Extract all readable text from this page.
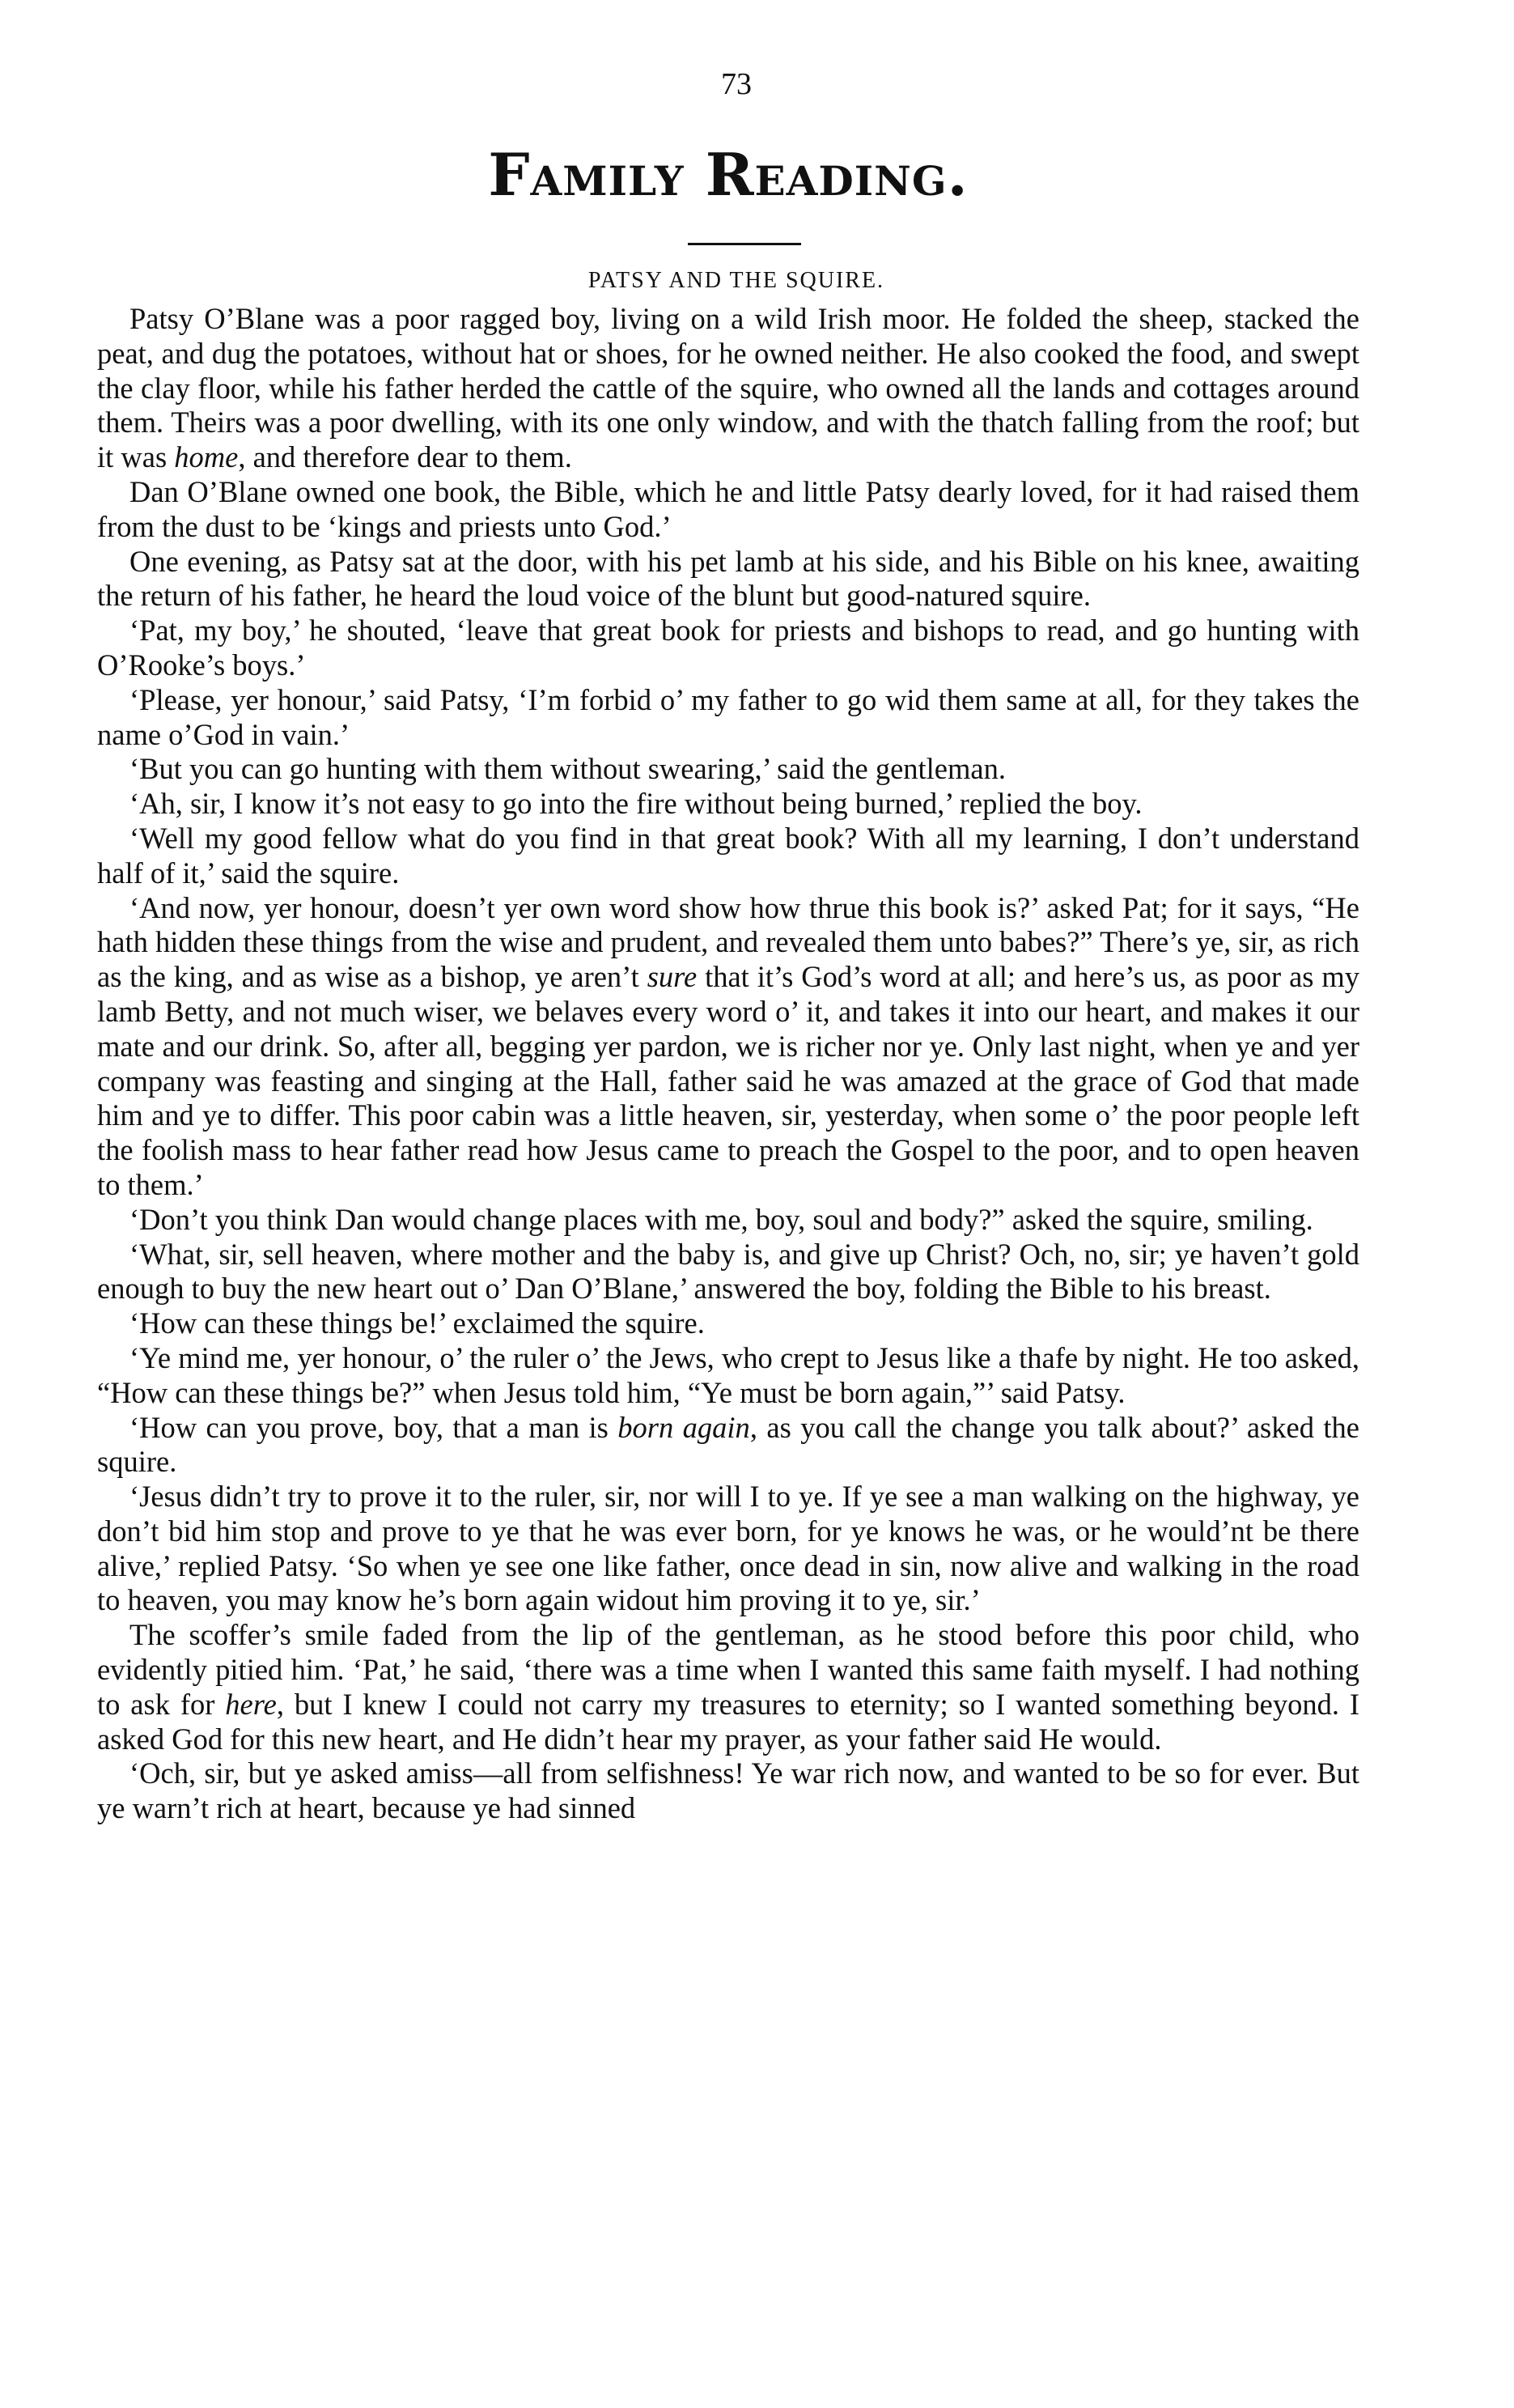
73
Family Reading.
PATSY AND THE SQUIRE.

Patsy O’Blane was a poor ragged boy, living on a wild Irish moor. He folded the sheep, stacked the peat, and dug the potatoes, without hat or shoes, for he owned neither. He also cooked the food, and swept the clay floor, while his father herded the cattle of the squire, who owned all the lands and cottages around them. Theirs was a poor dwelling, with its one only window, and with the thatch falling from the roof; but it was home, and therefore dear to them.

Dan O’Blane owned one book, the Bible, which he and little Patsy dearly loved, for it had raised them from the dust to be ‘kings and priests unto God.’

One evening, as Patsy sat at the door, with his pet lamb at his side, and his Bible on his knee, awaiting the return of his father, he heard the loud voice of the blunt but good-natured squire.

‘Pat, my boy,’ he shouted, ‘leave that great book for priests and bishops to read, and go hunting with O’Rooke’s boys.’

‘Please, yer honour,’ said Patsy, ‘I’m forbid o’ my father to go wid them same at all, for they takes the name o’God in vain.’

‘But you can go hunting with them without swearing,’ said the gentleman.

‘Ah, sir, I know it’s not easy to go into the fire without being burned,’ replied the boy.

‘Well my good fellow what do you find in that great book? With all my learning, I don’t understand half of it,’ said the squire.

‘And now, yer honour, doesn’t yer own word show how thrue this book is?’ asked Pat; for it says, “He hath hidden these things from the wise and prudent, and revealed them unto babes?” There’s ye, sir, as rich as the king, and as wise as a bishop, ye aren’t sure that it’s God’s word at all; and here’s us, as poor as my lamb Betty, and not much wiser, we belaves every word o’ it, and takes it into our heart, and makes it our mate and our drink. So, after all, begging yer pardon, we is richer nor ye. Only last night, when ye and yer company was feasting and singing at the Hall, father said he was amazed at the grace of God that made him and ye to differ. This poor cabin was a little heaven, sir, yesterday, when some o’ the poor people left the foolish mass to hear father read how Jesus came to preach the Gospel to the poor, and to open heaven to them.’

‘Don’t you think Dan would change places with me, boy, soul and body?” asked the squire, smiling.

‘What, sir, sell heaven, where mother and the baby is, and give up Christ? Och, no, sir; ye haven’t gold enough to buy the new heart out o’ Dan O’Blane,’ answered the boy, folding the Bible to his breast.

‘How can these things be!’ exclaimed the squire.

‘Ye mind me, yer honour, o’ the ruler o’ the Jews, who crept to Jesus like a thafe by night. He too asked, “How can these things be?” when Jesus told him, “Ye must be born again,”’ said Patsy.

‘How can you prove, boy, that a man is born again, as you call the change you talk about?’ asked the squire.

‘Jesus didn’t try to prove it to the ruler, sir, nor will I to ye. If ye see a man walking on the highway, ye don’t bid him stop and prove to ye that he was ever born, for ye knows he was, or he would’nt be there alive,’ replied Patsy. ‘So when ye see one like father, once dead in sin, now alive and walking in the road to heaven, you may know he’s born again widout him proving it to ye, sir.’

The scoffer’s smile faded from the lip of the gentleman, as he stood before this poor child, who evidently pitied him. ‘Pat,’ he said, ‘there was a time when I wanted this same faith myself. I had nothing to ask for here, but I knew I could not carry my treasures to eternity; so I wanted something beyond. I asked God for this new heart, and He didn’t hear my prayer, as your father said He would.

‘Och, sir, but ye asked amiss—all from selfishness! Ye war rich now, and wanted to be so for ever. But ye warn’t rich at heart, because ye had sinned
